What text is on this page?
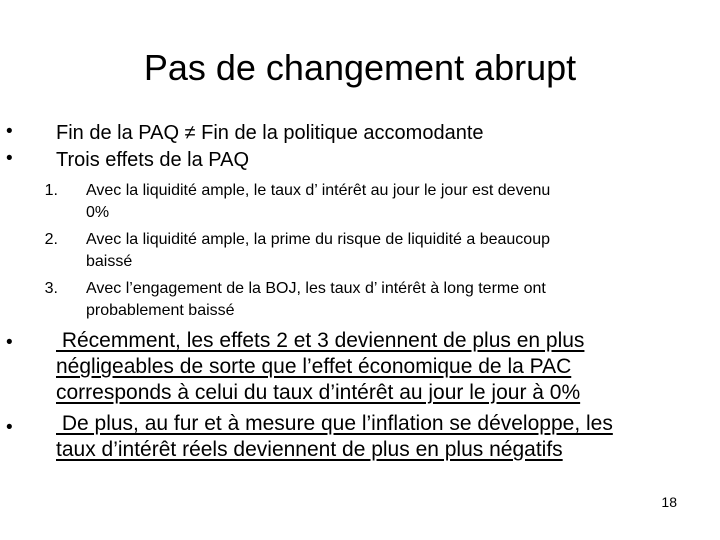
Pas de changement abrupt
• Fin de la PAQ ≠ Fin de la politique accomodante
• Trois effets de la PAQ
1. Avec la liquidité ample, le taux d’ intérêt au jour le jour est devenu
0%
2. Avec la liquidité ample, la prime du risque de liquidité a beaucoup
baissé
3. Avec l’engagement de la BOJ, les taux d’ intérêt à long terme ont
probablement baissé
• Récemment, les effets 2 et 3 deviennent de plus en plus
négligeables de sorte que l’effet économique de la PAC
corresponds à celui du taux d’intérêt au jour le jour à 0%
• De plus, au fur et à mesure que l’inflation se développe, les
taux d’intérêt réels deviennent de plus en plus négatifs
18
